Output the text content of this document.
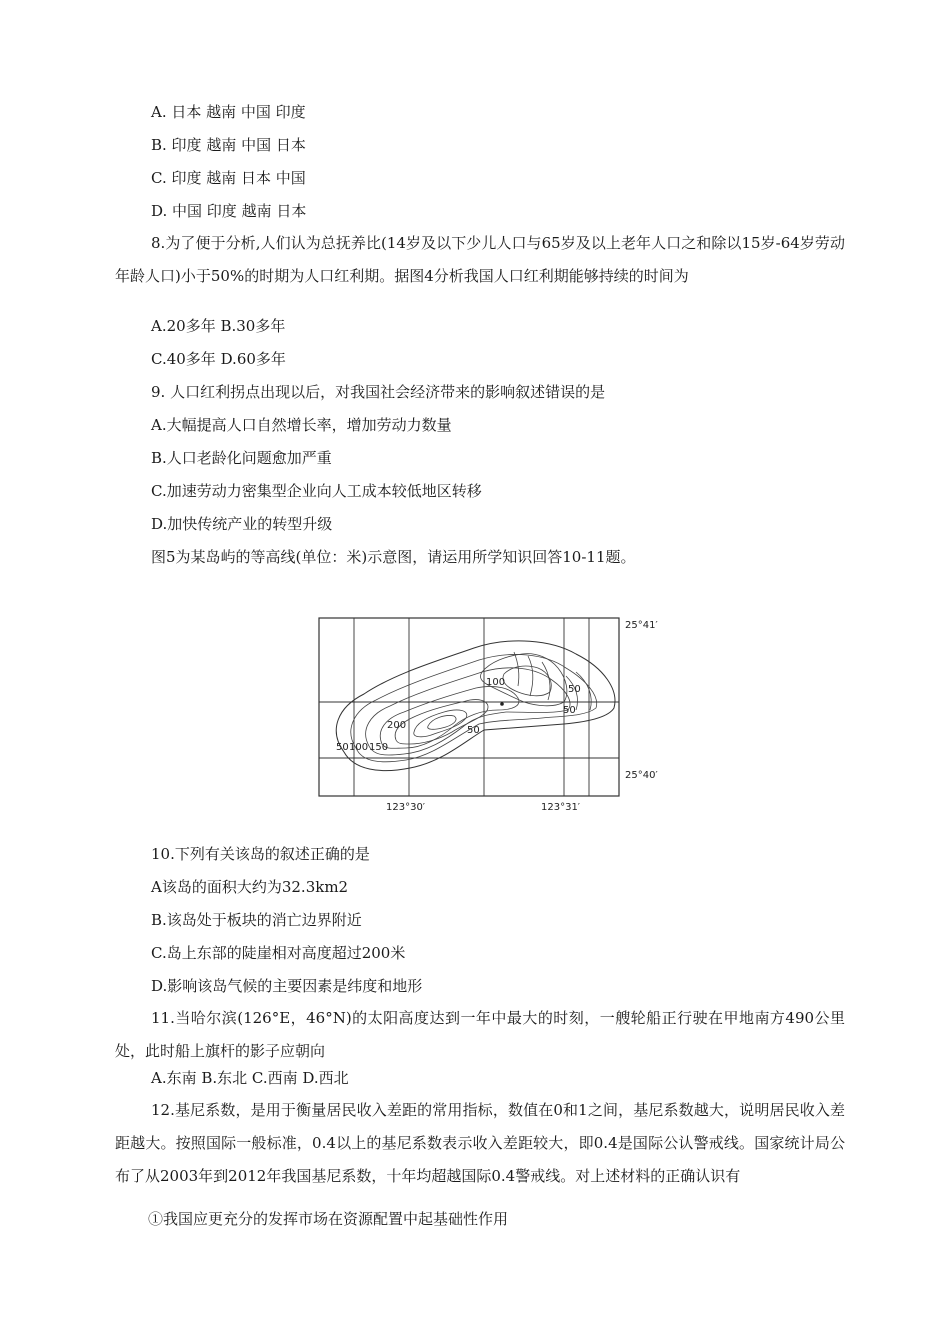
A. 日本 越南 中国 印度
B. 印度 越南 中国 日本
C. 印度 越南 日本 中国
D. 中国 印度 越南 日本

8.为了便于分析,人们认为总抚养比(14岁及以下少儿人口与65岁及以上老年人口之和除以15岁-64岁劳动年龄人口)小于50%的时期为人口红利期。据图4分析我国人口红利期能够持续的时间为

A.20多年 B.30多年
C.40多年 D.60多年
9. 人口红利拐点出现以后，对我国社会经济带来的影响叙述错误的是
A.大幅提高人口自然增长率，增加劳动力数量
B.人口老龄化问题愈加严重
C.加速劳动力密集型企业向人工成本较低地区转移
D.加快传统产业的转型升级
图5为某岛屿的等高线(单位：米)示意图，请运用所学知识回答10-11题。
100
50
50
200	50
50 100 150
25°41′
25°40′
123°30′	123°31′
10.下列有关该岛的叙述正确的是
A该岛的面积大约为32.3km2
B.该岛处于板块的消亡边界附近
C.岛上东部的陡崖相对高度超过200米
D.影响该岛气候的主要因素是纬度和地形

11.当哈尔滨(126°E，46°N)的太阳高度达到一年中最大的时刻，一艘轮船正行驶在甲地南方490公里处，此时船上旗杆的影子应朝向

A.东南 B.东北 C.西南 D.西北

12.基尼系数，是用于衡量居民收入差距的常用指标，数值在0和1之间，基尼系数越大，说明居民收入差距越大。按照国际一般标准，0.4以上的基尼系数表示收入差距较大，即0.4是国际公认警戒线。国家统计局公布了从2003年到2012年我国基尼系数，十年均超越国际0.4警戒线。对上述材料的正确认识有

①我国应更充分的发挥市场在资源配置中起基础性作用
